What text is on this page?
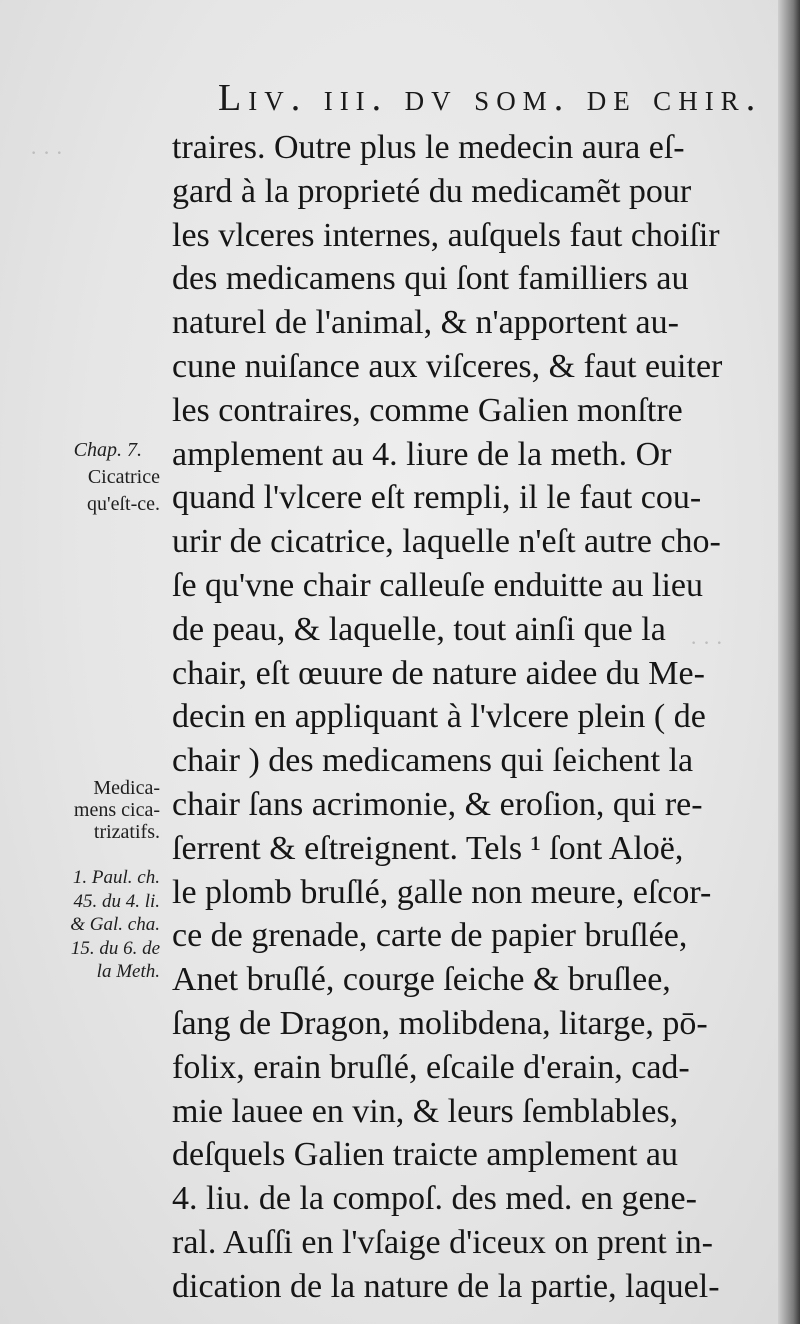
· · ·
· · ·
Liv. iii. dv som. de chir.
traires. Outre plus le medecin aura eſ-
gard à la proprieté du medicamẽt pour
les vlceres internes, auſquels faut choiſir
des medicamens qui ſont familliers au
naturel de l'animal, & n'apportent au-
cune nuiſance aux viſceres, & faut euiter
les contraires, comme Galien monſtre
amplement au 4. liure de la meth. Or
quand l'vlcere eſt rempli, il le faut cou-
urir de cicatrice, laquelle n'eſt autre cho-
ſe qu'vne chair calleuſe enduitte au lieu
de peau, & laquelle, tout ainſi que la
chair, eſt œuure de nature aidee du Me-
decin en appliquant à l'vlcere plein ( de
chair ) des medicamens qui ſeichent la
chair ſans acrimonie, & eroſion, qui re-
ſerrent & eſtreignent. Tels ¹ ſont Aloë,
le plomb bruſlé, galle non meure, eſcor-
ce de grenade, carte de papier bruſlée,
Anet bruſlé, courge ſeiche & bruſlee,
ſang de Dragon, molibdena, litarge, pō-
folix, erain bruſlé, eſcaile d'erain, cad-
mie lauee en vin, & leurs ſemblables,
deſquels Galien traicte amplement au
4. liu. de la compoſ. des med. en gene-
ral. Auſſi en l'vſaige d'iceux on prent in-
dication de la nature de la partie, laquel-
Chap. 7.
Cicatrice
qu'eſt-ce.
Medica-
mens cica-
trizatifs.
1. Paul. ch.
45. du 4. li.
& Gal. cha.
15. du 6. de
la Meth.
